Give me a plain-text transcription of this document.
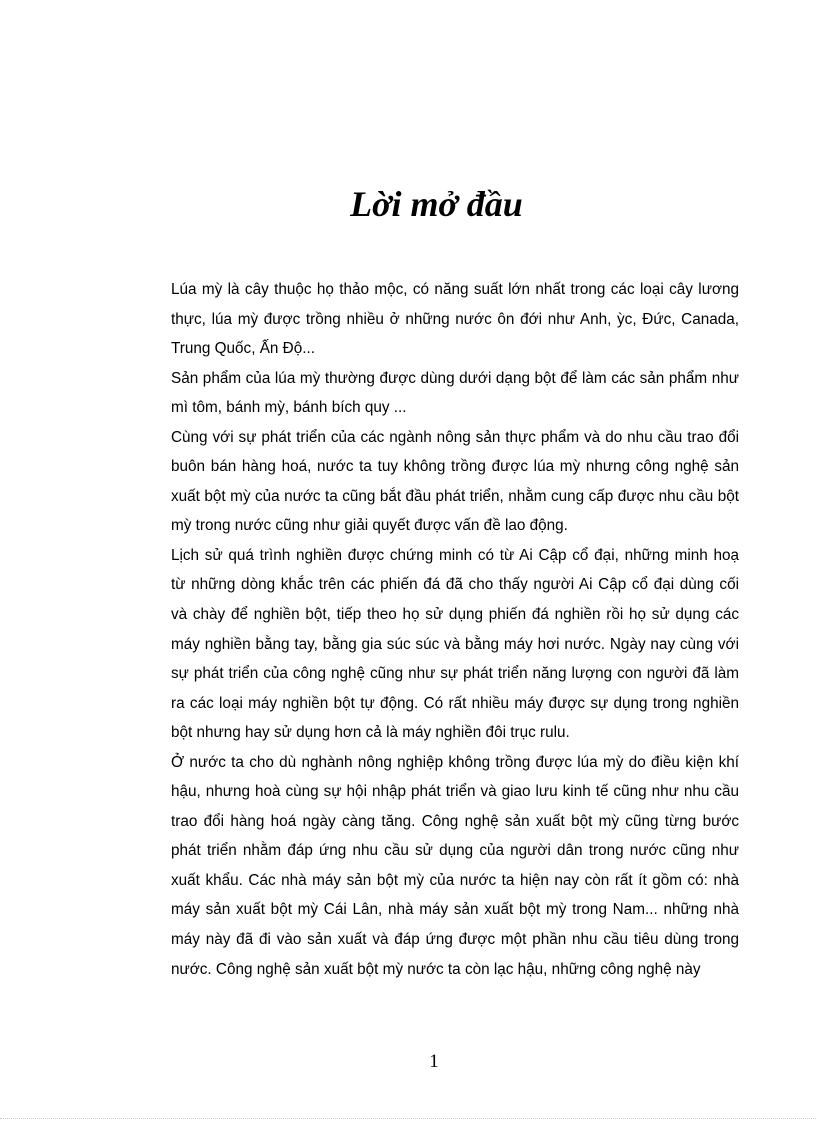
Lời mở đầu
Lúa mỳ là cây thuộc họ thảo mộc, có năng suất lớn nhất trong các loại cây lương
thực, lúa mỳ được trồng nhiều ở những nước ôn đới như Anh, ỳc, Đức, Canada,
Trung Quốc, Ấn Độ...
Sản phẩm của lúa mỳ thường được dùng dưới dạng bột để làm các sản phẩm như
mì tôm, bánh mỳ, bánh bích quy ...
Cùng với sự phát triển của các ngành nông sản thực phẩm và do nhu cầu trao đổi
buôn bán hàng hoá, nước ta tuy không trồng được lúa mỳ nhưng công nghệ sản
xuất bột mỳ của nước ta cũng bắt đầu phát triển, nhằm cung cấp được nhu cầu bột
mỳ trong nước cũng như giải quyết được vấn đề lao động.
Lịch sử quá trình nghiền được chứng minh có từ Ai Cập cổ đại, những minh hoạ
từ những dòng khắc trên các phiến đá đã cho thấy người Ai Cập cổ đại dùng cối
và chày để nghiền bột, tiếp theo họ sử dụng phiến đá nghiền rồi họ sử dụng các
máy nghiền bằng tay, bằng gia súc súc và bằng máy hơi nước. Ngày nay cùng với
sự phát triển của công nghệ cũng như sự phát triển năng lượng con người đã làm
ra các loại máy nghiền bột tự động. Có rất nhiều máy được sự dụng trong nghiền
bột nhưng hay sử dụng hơn cả là máy nghiền đôi trục rulu.
Ở nước ta cho dù nghành nông nghiệp không trồng được lúa mỳ do điều kiện khí
hậu, nhưng hoà cùng sự hội nhập phát triển và giao lưu kinh tế cũng như nhu cầu
trao đổi hàng hoá ngày càng tăng. Công nghệ sản xuất bột mỳ cũng từng bước
phát triển nhằm đáp ứng nhu cầu sử dụng của người dân trong nước cũng như
xuất khẩu. Các nhà máy sản bột mỳ của nước ta hiện nay còn rất ít gồm có: nhà
máy sản xuất bột mỳ Cái Lân, nhà máy sản xuất bột mỳ trong Nam... những nhà
máy này đã đi vào sản xuất và đáp ứng được một phần nhu cầu tiêu dùng trong
nước. Công nghệ sản xuất bột mỳ nước ta còn lạc hậu, những công nghệ này
1
